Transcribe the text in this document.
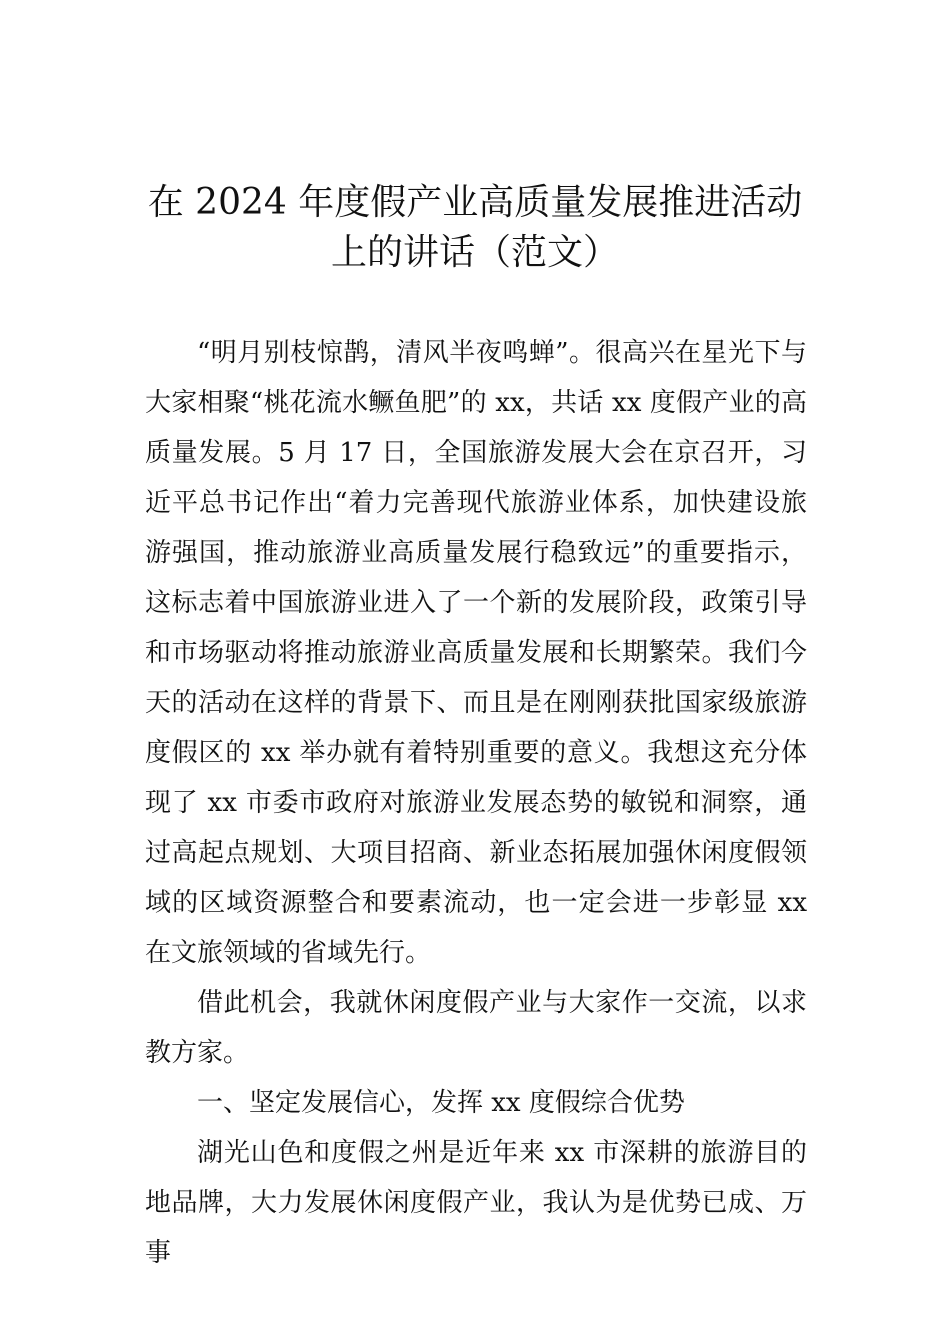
在 2024 年度假产业高质量发展推进活动上的讲话（范文）

“明月别枝惊鹊，清风半夜鸣蝉”。很高兴在星光下与大家相聚“桃花流水鳜鱼肥”的 xx，共话 xx 度假产业的高质量发展。5 月 17 日，全国旅游发展大会在京召开，习近平总书记作出“着力完善现代旅游业体系，加快建设旅游强国，推动旅游业高质量发展行稳致远”的重要指示，这标志着中国旅游业进入了一个新的发展阶段，政策引导和市场驱动将推动旅游业高质量发展和长期繁荣。我们今天的活动在这样的背景下、而且是在刚刚获批国家级旅游度假区的 xx 举办就有着特别重要的意义。我想这充分体现了 xx 市委市政府对旅游业发展态势的敏锐和洞察，通过高起点规划、大项目招商、新业态拓展加强休闲度假领域的区域资源整合和要素流动，也一定会进一步彰显 xx 在文旅领域的省域先行。

借此机会，我就休闲度假产业与大家作一交流，以求教方家。

一、坚定发展信心，发挥 xx 度假综合优势

湖光山色和度假之州是近年来 xx 市深耕的旅游目的地品牌，大力发展休闲度假产业，我认为是优势已成、万事
